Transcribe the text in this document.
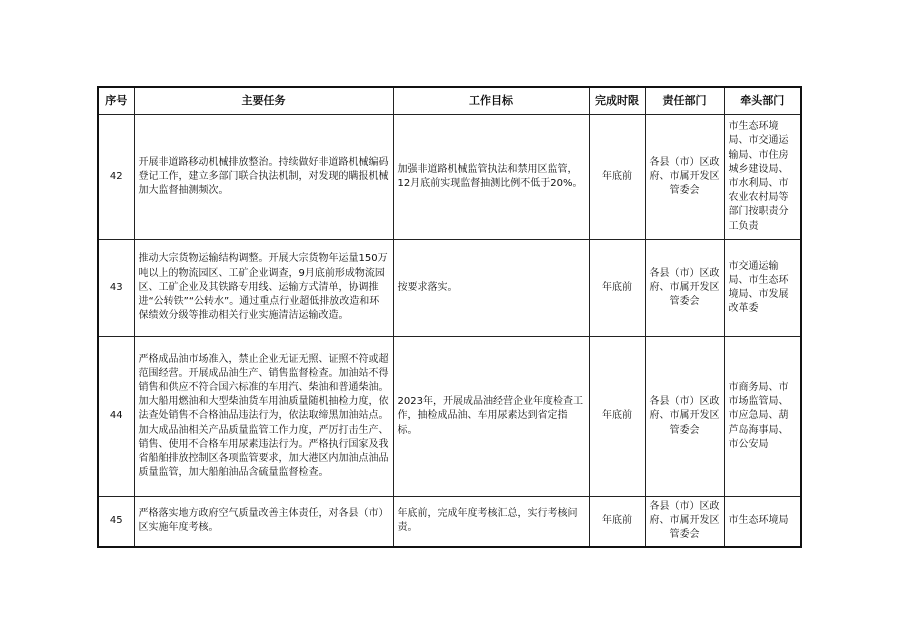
序号	主要任务	工作目标	完成时限	责任部门	牵头部门
42	开展非道路移动机械排放整治。持续做好非道路机械编码登记工作，建立多部门联合执法机制，对发现的瞒报机械加大监督抽测频次。	加强非道路机械监管执法和禁用区监管，12月底前实现监督抽测比例不低于20%。	年底前	各县（市）区政府、市属开发区管委会	市生态环境局、市交通运输局、市住房城乡建设局、市水利局、市农业农村局等部门按职责分工负责
43	推动大宗货物运输结构调整。开展大宗货物年运量150万吨以上的物流园区、工矿企业调查，9月底前形成物流园区、工矿企业及其铁路专用线、运输方式清单，协调推进“公转铁”“公转水”。通过重点行业超低排放改造和环保绩效分级等推动相关行业实施清洁运输改造。	按要求落实。	年底前	各县（市）区政府、市属开发区管委会	市交通运输局、市生态环境局、市发展改革委
44	严格成品油市场准入，禁止企业无证无照、证照不符或超范围经营。开展成品油生产、销售监督检查。加油站不得销售和供应不符合国六标准的车用汽、柴油和普通柴油。加大船用燃油和大型柴油货车用油质量随机抽检力度，依法查处销售不合格油品违法行为，依法取缔黑加油站点。加大成品油相关产品质量监管工作力度，严厉打击生产、销售、使用不合格车用尿素违法行为。严格执行国家及我省船舶排放控制区各项监管要求，加大港区内加油点油品质量监管，加大船舶油品含硫量监督检查。	2023年，开展成品油经营企业年度检查工作，抽检成品油、车用尿素达到省定指标。	年底前	各县（市）区政府、市属开发区管委会	市商务局、市市场监管局、市应急局、葫芦岛海事局、市公安局
45	严格落实地方政府空气质量改善主体责任，对各县（市）区实施年度考核。	年底前，完成年度考核汇总，实行考核问责。	年底前	各县（市）区政府、市属开发区管委会	市生态环境局
